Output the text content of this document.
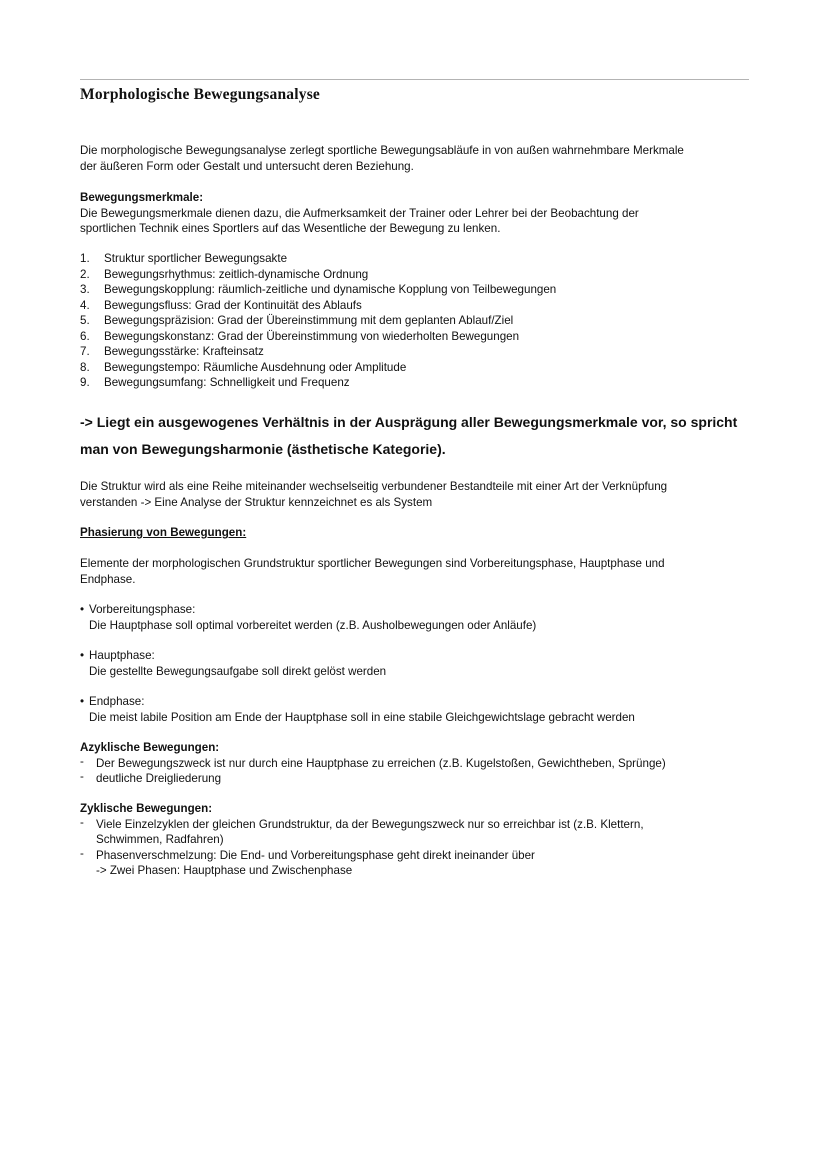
Morphologische Bewegungsanalyse
Die morphologische Bewegungsanalyse zerlegt sportliche Bewegungsabläufe in von außen wahrnehmbare Merkmale
der äußeren Form oder Gestalt und untersucht deren Beziehung.
Bewegungsmerkmale:
Die Bewegungsmerkmale dienen dazu, die Aufmerksamkeit der Trainer oder Lehrer bei der Beobachtung der
sportlichen Technik eines Sportlers auf das Wesentliche der Bewegung zu lenken.
1. Struktur sportlicher Bewegungsakte
2. Bewegungsrhythmus: zeitlich-dynamische Ordnung
3. Bewegungskopplung: räumlich-zeitliche und dynamische Kopplung von Teilbewegungen
4. Bewegungsfluss: Grad der Kontinuität des Ablaufs
5. Bewegungspräzision: Grad der Übereinstimmung mit dem geplanten Ablauf/Ziel
6. Bewegungskonstanz: Grad der Übereinstimmung von wiederholten Bewegungen
7. Bewegungsstärke: Krafteinsatz
8. Bewegungstempo: Räumliche Ausdehnung oder Amplitude
9. Bewegungsumfang: Schnelligkeit und Frequenz
-> Liegt ein ausgewogenes Verhältnis in der Ausprägung aller Bewegungsmerkmale vor, so spricht
man von Bewegungsharmonie (ästhetische Kategorie).
Die Struktur wird als eine Reihe miteinander wechselseitig verbundener Bestandteile mit einer Art der Verknüpfung
verstanden -> Eine Analyse der Struktur kennzeichnet es als System
Phasierung von Bewegungen:
Elemente der morphologischen Grundstruktur sportlicher Bewegungen sind Vorbereitungsphase, Hauptphase und
Endphase.
• Vorbereitungsphase:
Die Hauptphase soll optimal vorbereitet werden (z.B. Ausholbewegungen oder Anläufe)
• Hauptphase:
Die gestellte Bewegungsaufgabe soll direkt gelöst werden
• Endphase:
Die meist labile Position am Ende der Hauptphase soll in eine stabile Gleichgewichtslage gebracht werden
Azyklische Bewegungen:
- Der Bewegungszweck ist nur durch eine Hauptphase zu erreichen (z.B. Kugelstoßen, Gewichtheben, Sprünge)
- deutliche Dreigliederung
Zyklische Bewegungen:
- Viele Einzelzyklen der gleichen Grundstruktur, da der Bewegungszweck nur so erreichbar ist (z.B. Klettern,
Schwimmen, Radfahren)
- Phasenverschmelzung: Die End- und Vorbereitungsphase geht direkt ineinander über
-> Zwei Phasen: Hauptphase und Zwischenphase
